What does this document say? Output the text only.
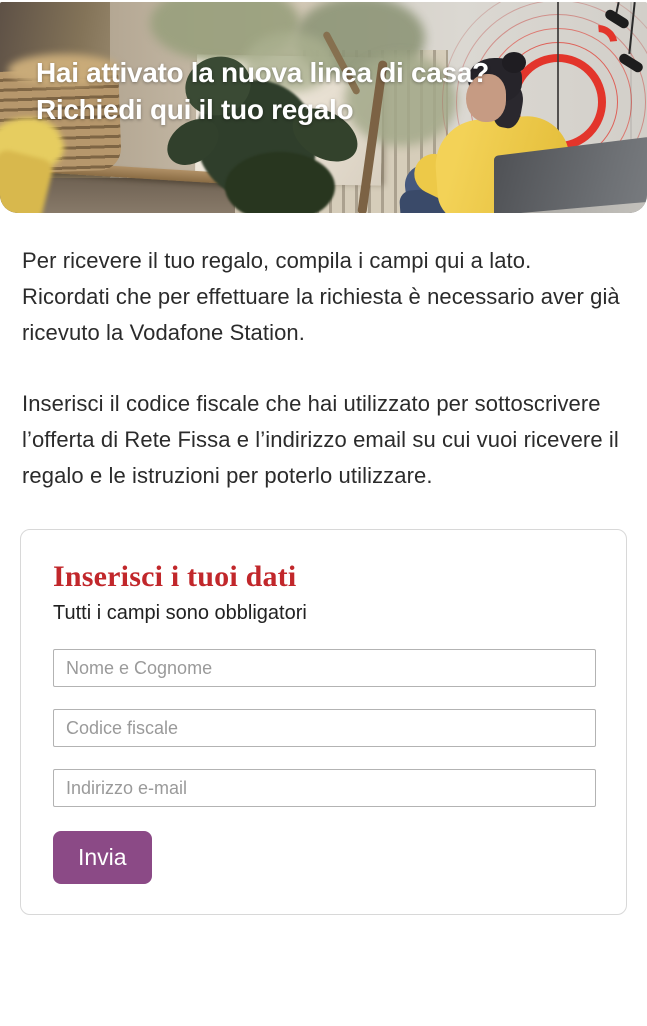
Hai attivato la nuova linea di casa?
Richiedi qui il tuo regalo

Per ricevere il tuo regalo, compila i campi qui a lato. Ricordati che per effettuare la richiesta è necessario aver già ricevuto la Vodafone Station.

Inserisci il codice fiscale che hai utilizzato per sottoscrivere l’offerta di Rete Fissa e l’indirizzo email su cui vuoi ricevere il regalo e le istruzioni per poterlo utilizzare.

Inserisci i tuoi dati

Tutti i campi sono obbligatori

Nome e Cognome
Codice fiscale
Indirizzo e-mail Invia
